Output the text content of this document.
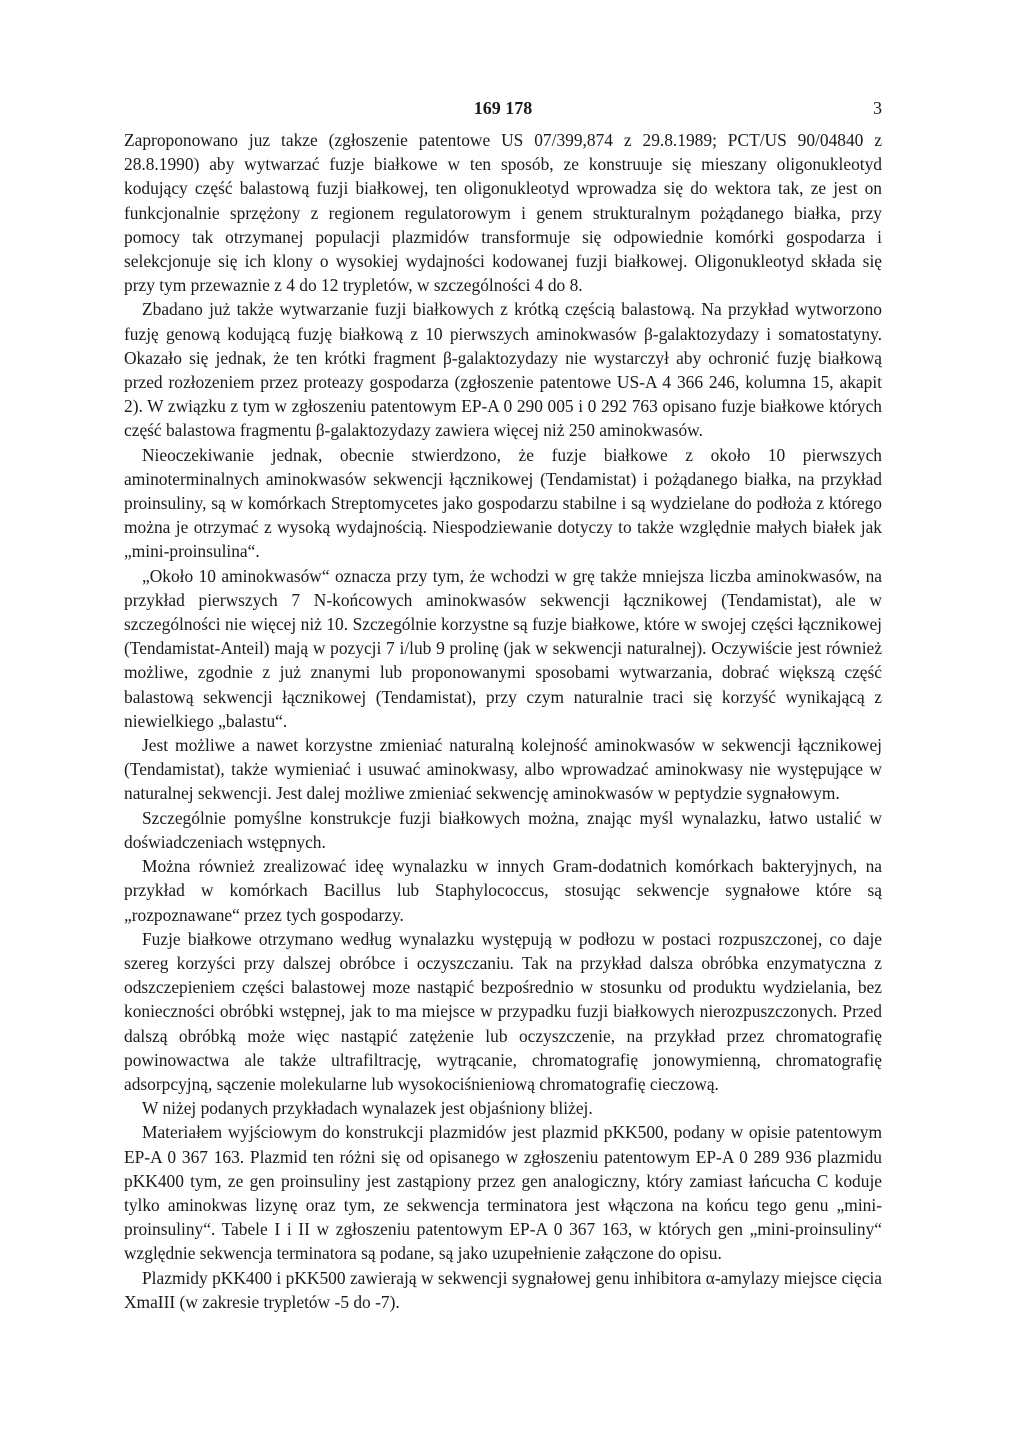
169 178	3

Zaproponowano juz takze (zgłoszenie patentowe US 07/399,874 z 29.8.1989; PCT/US 90/04840 z 28.8.1990) aby wytwarzać fuzje białkowe w ten sposób, ze konstruuje się mieszany oligonukleotyd kodujący część balastową fuzji białkowej, ten oligonukleotyd wprowadza się do wektora tak, ze jest on funkcjonalnie sprzężony z regionem regulatorowym i genem strukturalnym pożądanego białka, przy pomocy tak otrzymanej populacji plazmidów transformuje się odpowiednie komórki gospodarza i selekcjonuje się ich klony o wysokiej wydajności kodowanej fuzji białkowej. Oligonukleotyd składa się przy tym przewaznie z 4 do 12 trypletów, w szczególności 4 do 8.

Zbadano już także wytwarzanie fuzji białkowych z krótką częścią balastową. Na przykład wytworzono fuzję genową kodującą fuzję białkową z 10 pierwszych aminokwasów β-galaktozydazy i somatostatyny. Okazało się jednak, że ten krótki fragment β-galaktozydazy nie wystarczył aby ochronić fuzję białkową przed rozłozeniem przez proteazy gospodarza (zgłoszenie patentowe US-A 4 366 246, kolumna 15, akapit 2). W związku z tym w zgłoszeniu patentowym EP-A 0 290 005 i 0 292 763 opisano fuzje białkowe których część balastowa fragmentu β-galaktozydazy zawiera więcej niż 250 aminokwasów.

Nieoczekiwanie jednak, obecnie stwierdzono, że fuzje białkowe z około 10 pierwszych aminoterminalnych aminokwasów sekwencji łącznikowej (Tendamistat) i pożądanego białka, na przykład proinsuliny, są w komórkach Streptomycetes jako gospodarzu stabilne i są wydzielane do podłoża z którego można je otrzymać z wysoką wydajnością. Niespodziewanie dotyczy to także względnie małych białek jak „mini-proinsulina“.

„Około 10 aminokwasów“ oznacza przy tym, że wchodzi w grę także mniejsza liczba aminokwasów, na przykład pierwszych 7 N-końcowych aminokwasów sekwencji łącznikowej (Tendamistat), ale w szczególności nie więcej niż 10. Szczególnie korzystne są fuzje białkowe, które w swojej części łącznikowej (Tendamistat-Anteil) mają w pozycji 7 i/lub 9 prolinę (jak w sekwencji naturalnej). Oczywiście jest również możliwe, zgodnie z już znanymi lub proponowanymi sposobami wytwarzania, dobrać większą część balastową sekwencji łącznikowej (Tendamistat), przy czym naturalnie traci się korzyść wynikającą z niewielkiego „balastu“.

Jest możliwe a nawet korzystne zmieniać naturalną kolejność aminokwasów w sekwencji łącznikowej (Tendamistat), także wymieniać i usuwać aminokwasy, albo wprowadzać aminokwasy nie występujące w naturalnej sekwencji. Jest dalej możliwe zmieniać sekwencję aminokwasów w peptydzie sygnałowym.

Szczególnie pomyślne konstrukcje fuzji białkowych można, znając myśl wynalazku, łatwo ustalić w doświadczeniach wstępnych.

Można również zrealizować ideę wynalazku w innych Gram-dodatnich komórkach bakteryjnych, na przykład w komórkach Bacillus lub Staphylococcus, stosując sekwencje sygnałowe które są „rozpoznawane“ przez tych gospodarzy.

Fuzje białkowe otrzymano według wynalazku występują w podłozu w postaci rozpuszczonej, co daje szereg korzyści przy dalszej obróbce i oczyszczaniu. Tak na przykład dalsza obróbka enzymatyczna z odszczepieniem części balastowej moze nastąpić bezpośrednio w stosunku od produktu wydzielania, bez konieczności obróbki wstępnej, jak to ma miejsce w przypadku fuzji białkowych nierozpuszczonych. Przed dalszą obróbką może więc nastąpić zatężenie lub oczyszczenie, na przykład przez chromatografię powinowactwa ale także ultrafiltrację, wytrącanie, chromatografię jonowymienną, chromatografię adsorpcyjną, sączenie molekularne lub wysokociśnieniową chromatografię cieczową.

W niżej podanych przykładach wynalazek jest objaśniony bliżej.

Materiałem wyjściowym do konstrukcji plazmidów jest plazmid pKK500, podany w opisie patentowym EP-A 0 367 163. Plazmid ten różni się od opisanego w zgłoszeniu patentowym EP-A 0 289 936 plazmidu pKK400 tym, ze gen proinsuliny jest zastąpiony przez gen analogiczny, który zamiast łańcucha C koduje tylko aminokwas lizynę oraz tym, ze sekwencja terminatora jest włączona na końcu tego genu „mini-proinsuliny“. Tabele I i II w zgłoszeniu patentowym EP-A 0 367 163, w których gen „mini-proinsuliny“ względnie sekwencja terminatora są podane, są jako uzupełnienie załączone do opisu.

Plazmidy pKK400 i pKK500 zawierają w sekwencji sygnałowej genu inhibitora α-amylazy miejsce cięcia XmaIII (w zakresie trypletów -5 do -7).
